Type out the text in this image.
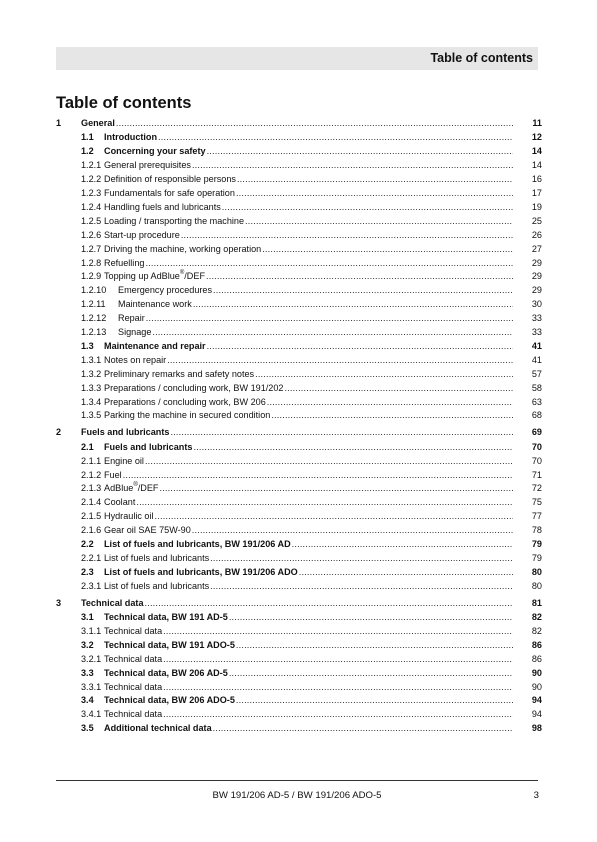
Table of contents
Table of contents
1	General .....	11
1.1	Introduction .....	12
1.2	Concerning your safety .....	14
1.2.1 General prerequisites .....	14
1.2.2 Definition of responsible persons .....	16
1.2.3 Fundamentals for safe operation .....	17
1.2.4 Handling fuels and lubricants .....	19
1.2.5 Loading / transporting the machine .....	25
1.2.6 Start-up procedure .....	26
1.2.7 Driving the machine, working operation .....	27
1.2.8 Refuelling .....	29
1.2.9 Topping up AdBlue®/DEF .....	29
1.2.10	Emergency procedures .....	29
1.2.11	Maintenance work .....	30
1.2.12	Repair .....	33
1.2.13	Signage .....	33
1.3	Maintenance and repair .....	41
1.3.1 Notes on repair .....	41
1.3.2 Preliminary remarks and safety notes .....	57
1.3.3 Preparations / concluding work, BW 191/202 .....	58
1.3.4 Preparations / concluding work, BW 206 .....	63
1.3.5 Parking the machine in secured condition .....	68
2	Fuels and lubricants .....	69
2.1	Fuels and lubricants .....	70
2.1.1 Engine oil .....	70
2.1.2 Fuel .....	71
2.1.3 AdBlue®/DEF .....	72
2.1.4 Coolant .....	75
2.1.5 Hydraulic oil .....	77
2.1.6 Gear oil SAE 75W-90 .....	78
2.2	List of fuels and lubricants, BW 191/206 AD .....	79
2.2.1 List of fuels and lubricants .....	79
2.3	List of fuels and lubricants, BW 191/206 ADO .....	80
2.3.1 List of fuels and lubricants .....	80
3	Technical data .....	81
3.1	Technical data, BW 191 AD-5 .....	82
3.1.1 Technical data .....	82
3.2	Technical data, BW 191 ADO-5 .....	86
3.2.1 Technical data .....	86
3.3	Technical data, BW 206 AD-5 .....	90
3.3.1 Technical data .....	90
3.4	Technical data, BW 206 ADO-5 .....	94
3.4.1 Technical data .....	94
3.5	Additional technical data .....	98
BW 191/206 AD-5 / BW 191/206 ADO-5	3
